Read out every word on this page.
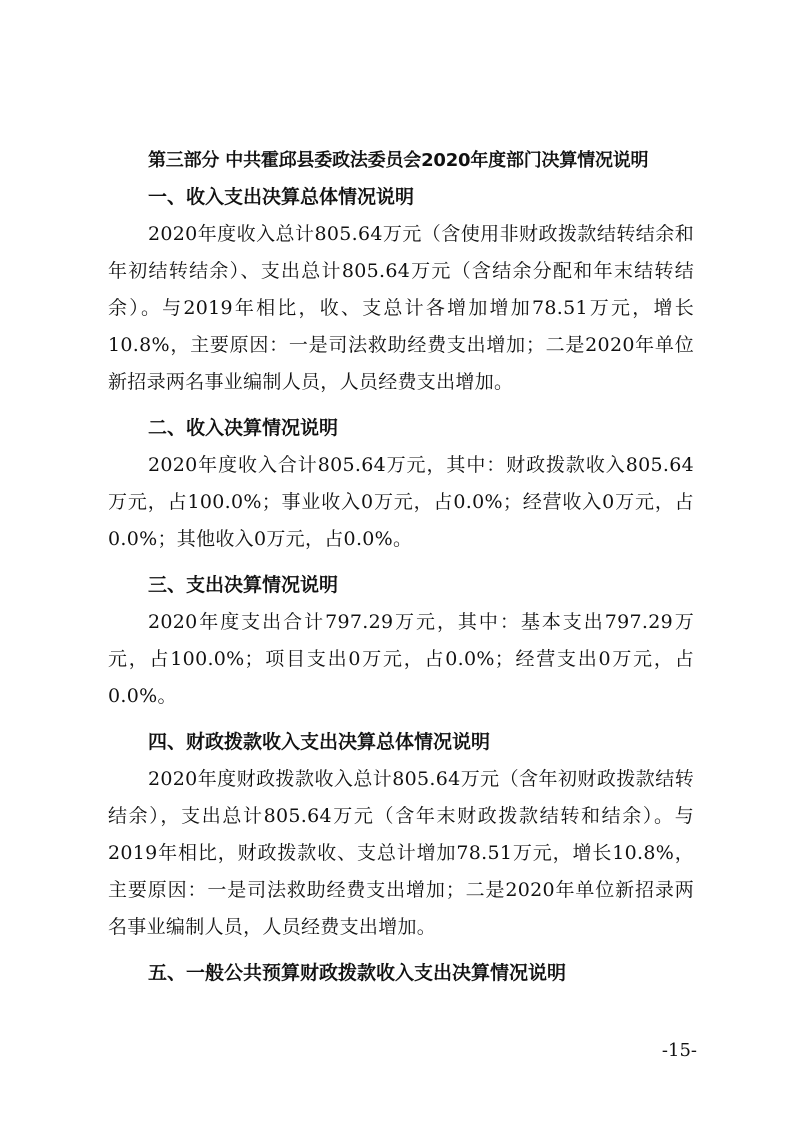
第三部分 中共霍邱县委政法委员会2020年度部门决算情况说明
一、收入支出决算总体情况说明

2020年度收入总计805.64万元（含使用非财政拨款结转结余和年初结转结余）、支出总计805.64万元（含结余分配和年末结转结余）。与2019年相比，收、支总计各增加增加78.51万元，增长10.8%，主要原因：一是司法救助经费支出增加；二是2020年单位新招录两名事业编制人员，人员经费支出增加。

二、收入决算情况说明

2020年度收入合计805.64万元，其中：财政拨款收入805.64万元，占100.0%；事业收入0万元，占0.0%；经营收入0万元，占0.0%；其他收入0万元，占0.0%。

三、支出决算情况说明

2020年度支出合计797.29万元，其中：基本支出797.29万元，占100.0%；项目支出0万元，占0.0%；经营支出0万元，占0.0%。

四、财政拨款收入支出决算总体情况说明

2020年度财政拨款收入总计805.64万元（含年初财政拨款结转结余），支出总计805.64万元（含年末财政拨款结转和结余）。与2019年相比，财政拨款收、支总计增加78.51万元，增长10.8%，主要原因：一是司法救助经费支出增加；二是2020年单位新招录两名事业编制人员，人员经费支出增加。

五、一般公共预算财政拨款收入支出决算情况说明
-15-
